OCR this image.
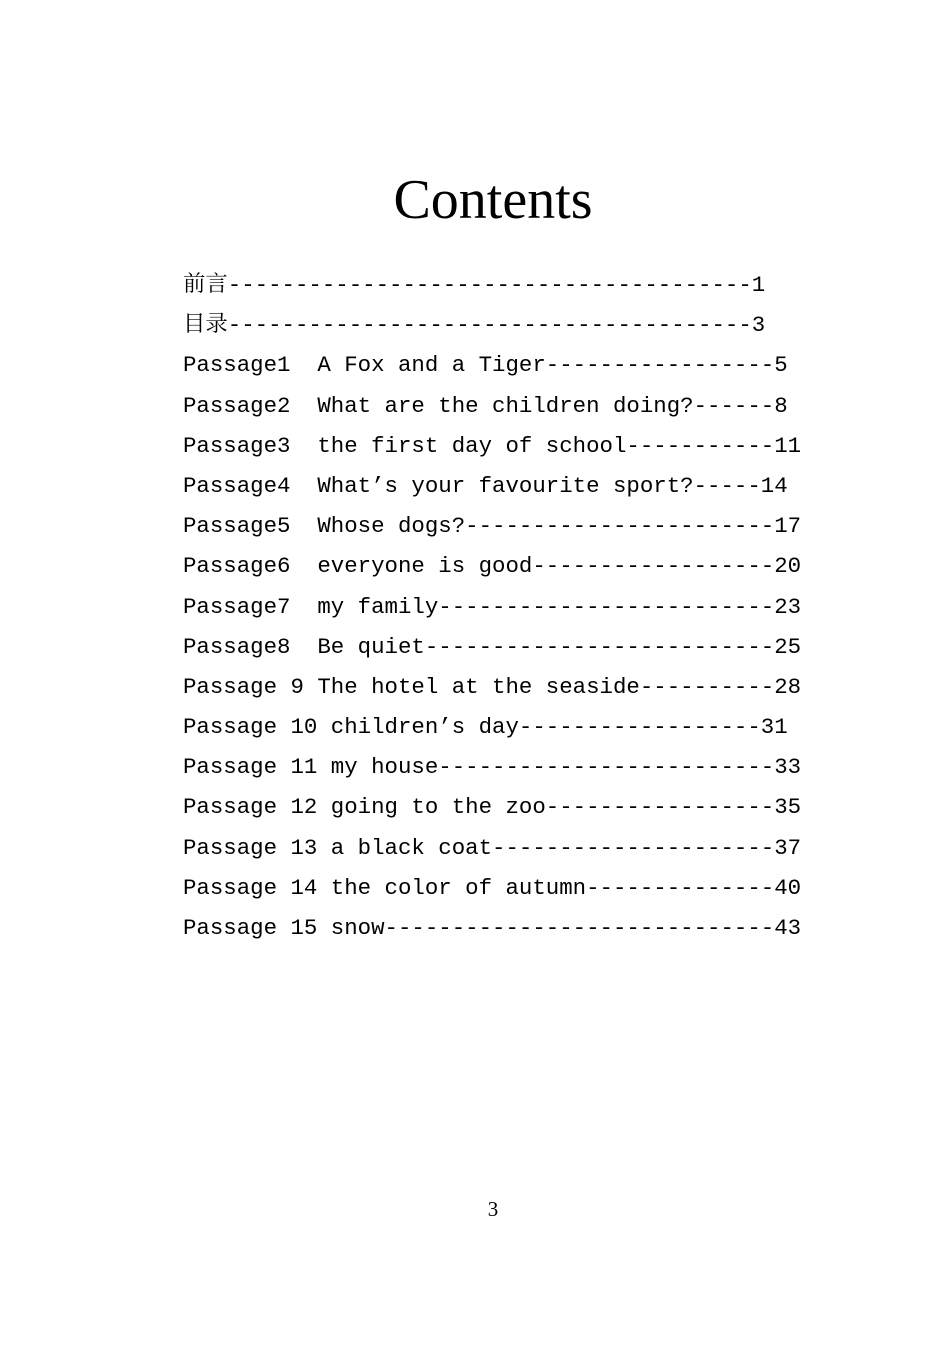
Contents
前言---------------------------------------1
目录---------------------------------------3
Passage1  A Fox and a Tiger-----------------5
Passage2  What are the children doing?------8
Passage3  the first day of school-----------11
Passage4  What’s your favourite sport?-----14
Passage5  Whose dogs?-----------------------17
Passage6  everyone is good------------------20
Passage7  my family-------------------------23
Passage8  Be quiet--------------------------25
Passage 9 The hotel at the seaside----------28
Passage 10 children’s day------------------31
Passage 11 my house-------------------------33
Passage 12 going to the zoo-----------------35
Passage 13 a black coat---------------------37
Passage 14 the color of autumn--------------40
Passage 15 snow-----------------------------43
3
